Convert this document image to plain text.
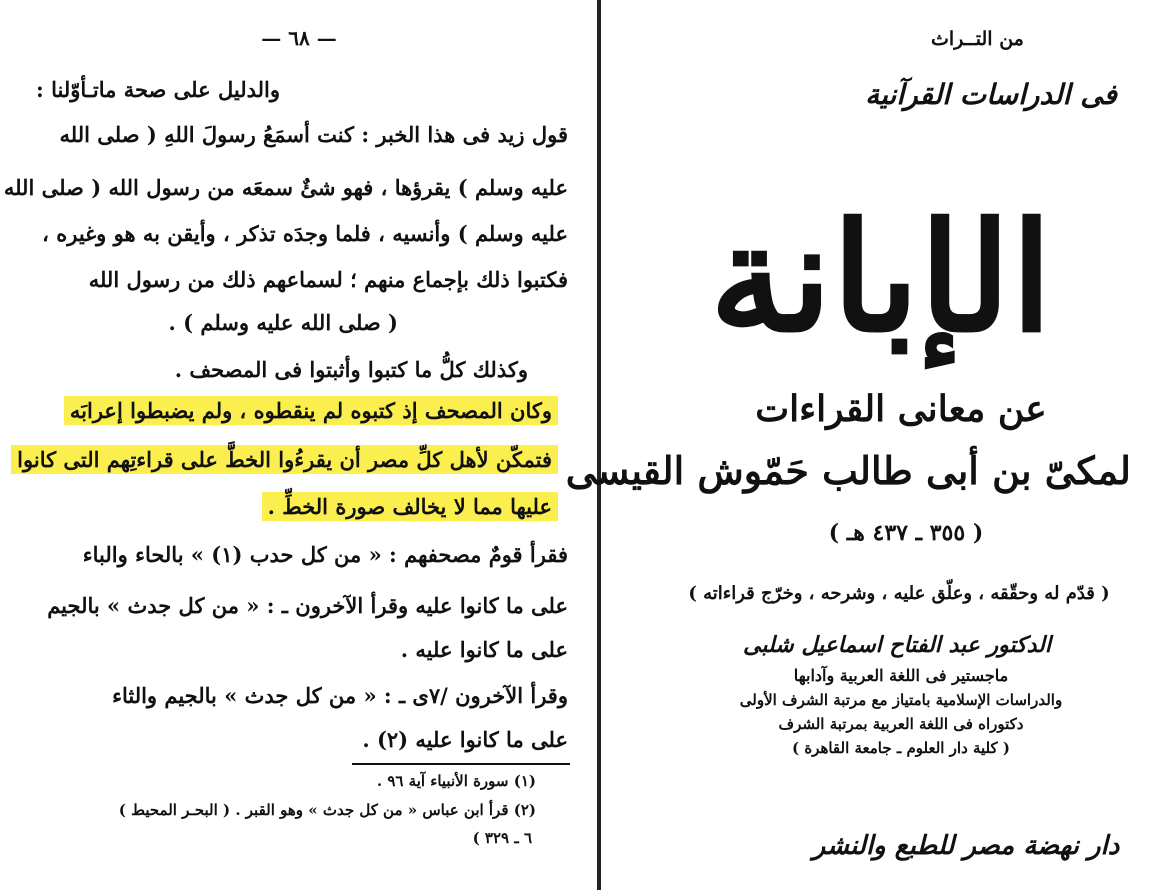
— ٦٨ —
والدليل على صحة ماتـأوّلنا :
قول زيد فى هذا الخبر : كنت أسمَعُ رسولَ اللهِ ( صلى الله
عليه وسلم ) يقرؤها ، فهو شئٌ سمعَه من رسول الله ( صلى الله
عليه وسلم ) وأنسيه ، فلما وجدَه تذكر ، وأيقن به هو وغيره ،
فكتبوا ذلك بإجماع منهم ؛ لسماعهم ذلك من رسول الله
( صلى الله عليه وسلم ) .
وكذلك كلُّ ما كتبوا وأثبتوا فى المصحف .
وكان المصحف إذ كتبوه لم ينقطوه ، ولم يضبطوا إعرابَه
فتمكّن لأهل كلِّ مصر أن يقرءُوا الخطَّ على قراءتِهم التى كانوا
عليها مما لا يخالف صورة الخطِّ .
فقرأ قومٌ مصحفهم : « من كل حدب (١) » بالحاء والباء
على ما كانوا عليه وقرأ الآخرون ـ : « من كل جدث » بالجيم
على ما كانوا عليه .
وقرأ الآخرون /٧ى ـ : « من كل جدث » بالجيم والثاء
على ما كانوا عليه (٢) .
(١) سورة الأنبياء آية ٩٦ .
(٢) قرأ ابن عباس « من كل جدث » وهو القبر . ( البحـر المحيط )
٦ ـ ٣٢٩ )
من التــراث
فى الدراسات القرآنية
الإبانة
عن معانى القراءات
لمكىّ بن أبى طالب حَمّوش القيسى
( ٣٥٥ ـ ٤٣٧ هـ )
( قدّم له وحقّقه ، وعلّق عليه ، وشرحه ، وخرّج قراءاته )
الدكتور عبد الفتاح اسماعيل شلبى
ماجستير فى اللغة العربية وآدابها
والدراسات الإسلامية بامتياز مع مرتبة الشرف الأولى
دكتوراه فى اللغة العربية بمرتبة الشرف
( كلية دار العلوم ـ جامعة القاهرة )
دار نهضة مصر للطبع والنشر
